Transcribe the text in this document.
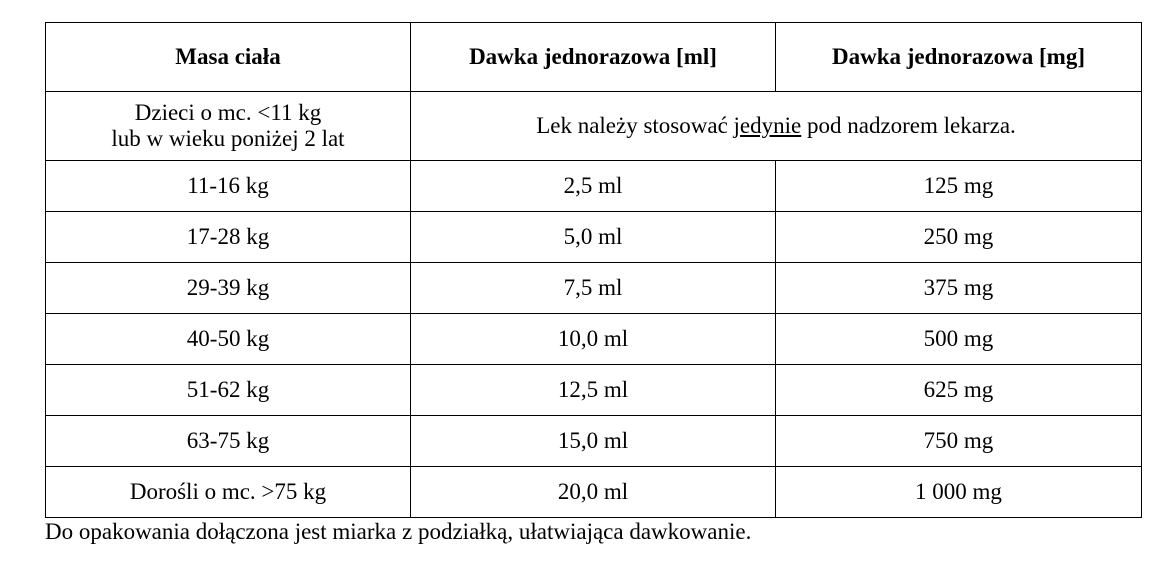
Masa ciała	Dawka jednorazowa [ml]	Dawka jednorazowa [mg]

Dzieci o mc. <11 kg
lub w wieku poniżej 2 lat	Lek należy stosować jedynie pod nadzorem lekarza.	
11-16 kg	2,5 ml	125 mg
17-28 kg	5,0 ml	250 mg
29-39 kg	7,5 ml	375 mg
40-50 kg	10,0 ml	500 mg
51-62 kg	12,5 ml	625 mg
63-75 kg	15,0 ml	750 mg
Dorośli o mc. >75 kg	20,0 ml	1 000 mg
Do opakowania dołączona jest miarka z podziałką, ułatwiająca dawkowanie.
